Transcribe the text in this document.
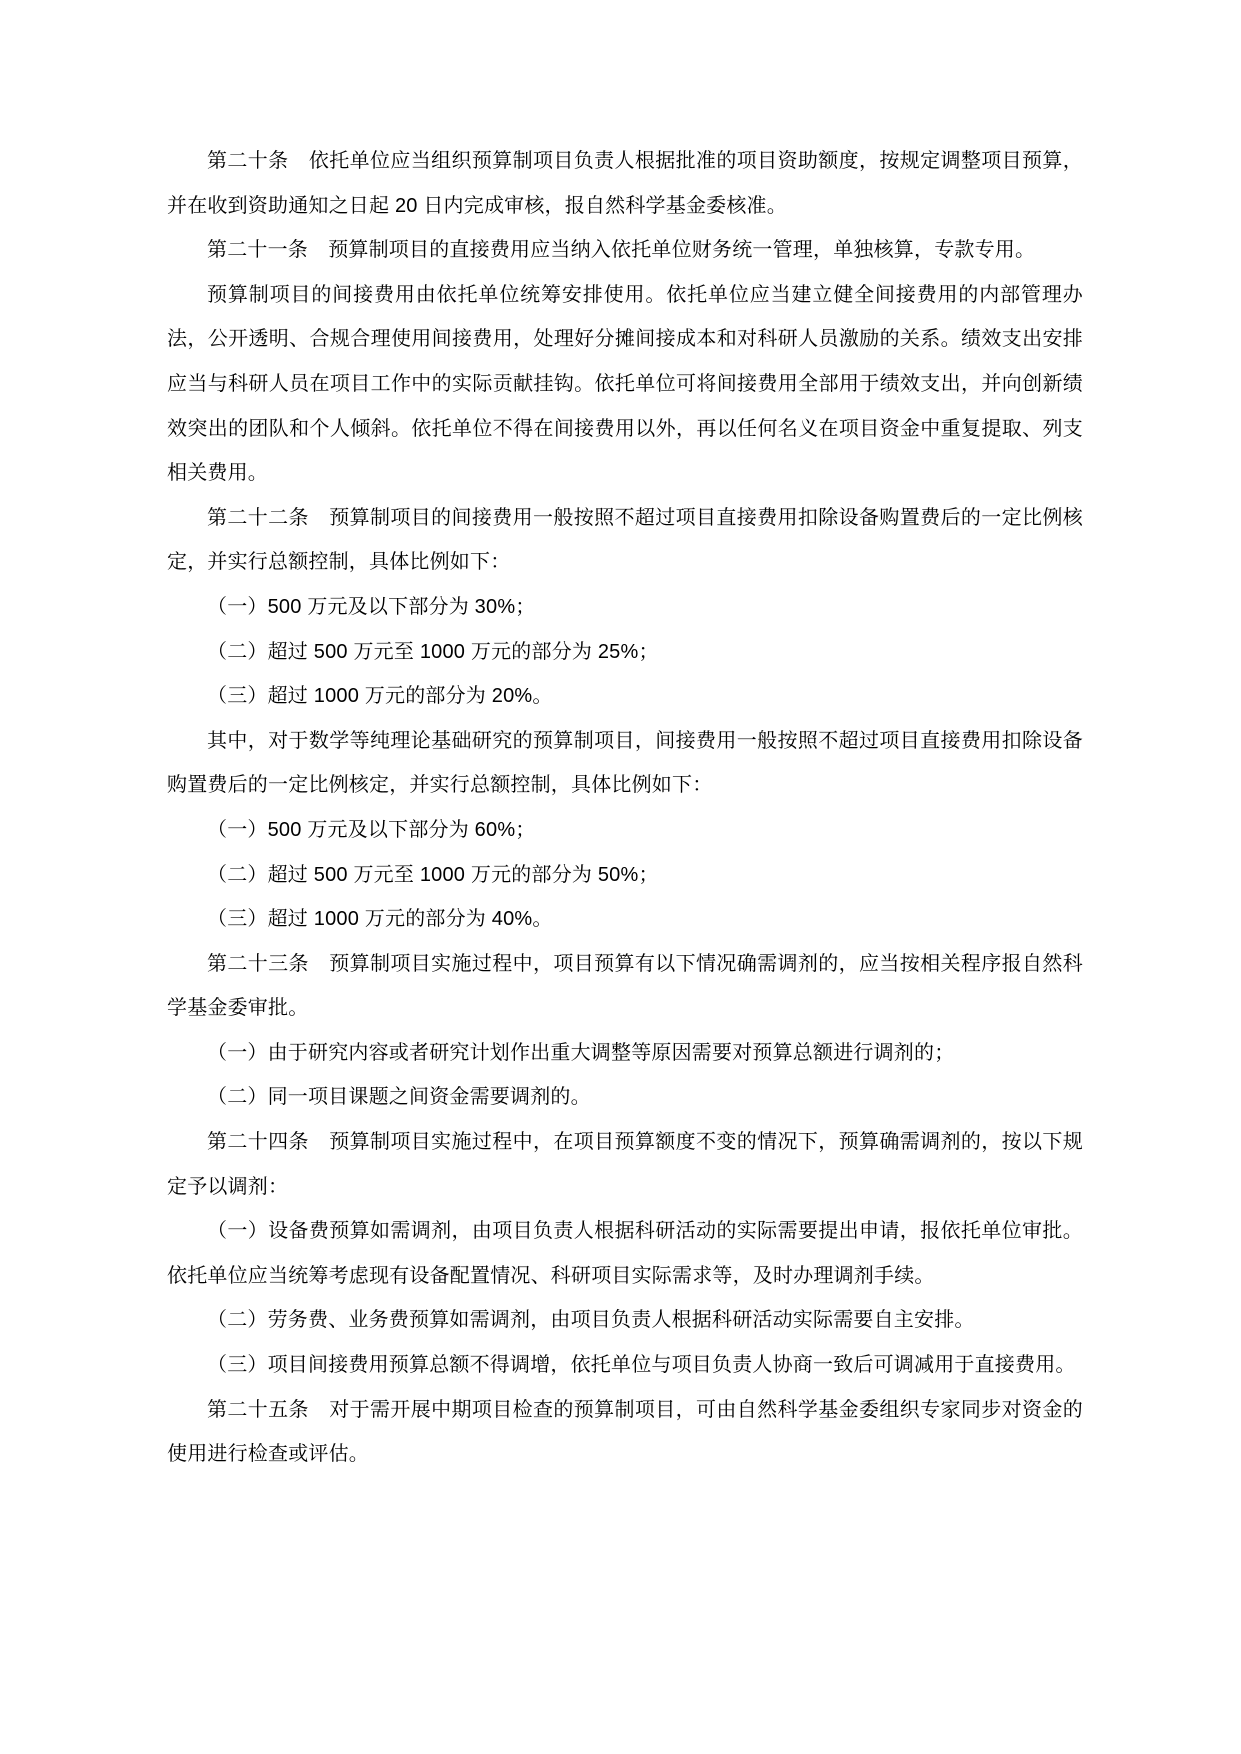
第二十条　依托单位应当组织预算制项目负责人根据批准的项目资助额度，按规定调整项目预算，并在收到资助通知之日起 20 日内完成审核，报自然科学基金委核准。

第二十一条　预算制项目的直接费用应当纳入依托单位财务统一管理，单独核算，专款专用。

预算制项目的间接费用由依托单位统筹安排使用。依托单位应当建立健全间接费用的内部管理办法，公开透明、合规合理使用间接费用，处理好分摊间接成本和对科研人员激励的关系。绩效支出安排应当与科研人员在项目工作中的实际贡献挂钩。依托单位可将间接费用全部用于绩效支出，并向创新绩效突出的团队和个人倾斜。依托单位不得在间接费用以外，再以任何名义在项目资金中重复提取、列支相关费用。

第二十二条　预算制项目的间接费用一般按照不超过项目直接费用扣除设备购置费后的一定比例核定，并实行总额控制，具体比例如下：

（一）500 万元及以下部分为 30%；

（二）超过 500 万元至 1000 万元的部分为 25%；

（三）超过 1000 万元的部分为 20%。

其中，对于数学等纯理论基础研究的预算制项目，间接费用一般按照不超过项目直接费用扣除设备购置费后的一定比例核定，并实行总额控制，具体比例如下：

（一）500 万元及以下部分为 60%；

（二）超过 500 万元至 1000 万元的部分为 50%；

（三）超过 1000 万元的部分为 40%。

第二十三条　预算制项目实施过程中，项目预算有以下情况确需调剂的，应当按相关程序报自然科学基金委审批。

（一）由于研究内容或者研究计划作出重大调整等原因需要对预算总额进行调剂的；

（二）同一项目课题之间资金需要调剂的。

第二十四条　预算制项目实施过程中，在项目预算额度不变的情况下，预算确需调剂的，按以下规定予以调剂：

（一）设备费预算如需调剂，由项目负责人根据科研活动的实际需要提出申请，报依托单位审批。依托单位应当统筹考虑现有设备配置情况、科研项目实际需求等，及时办理调剂手续。

（二）劳务费、业务费预算如需调剂，由项目负责人根据科研活动实际需要自主安排。

（三）项目间接费用预算总额不得调增，依托单位与项目负责人协商一致后可调减用于直接费用。

第二十五条　对于需开展中期项目检查的预算制项目，可由自然科学基金委组织专家同步对资金的使用进行检查或评估。
